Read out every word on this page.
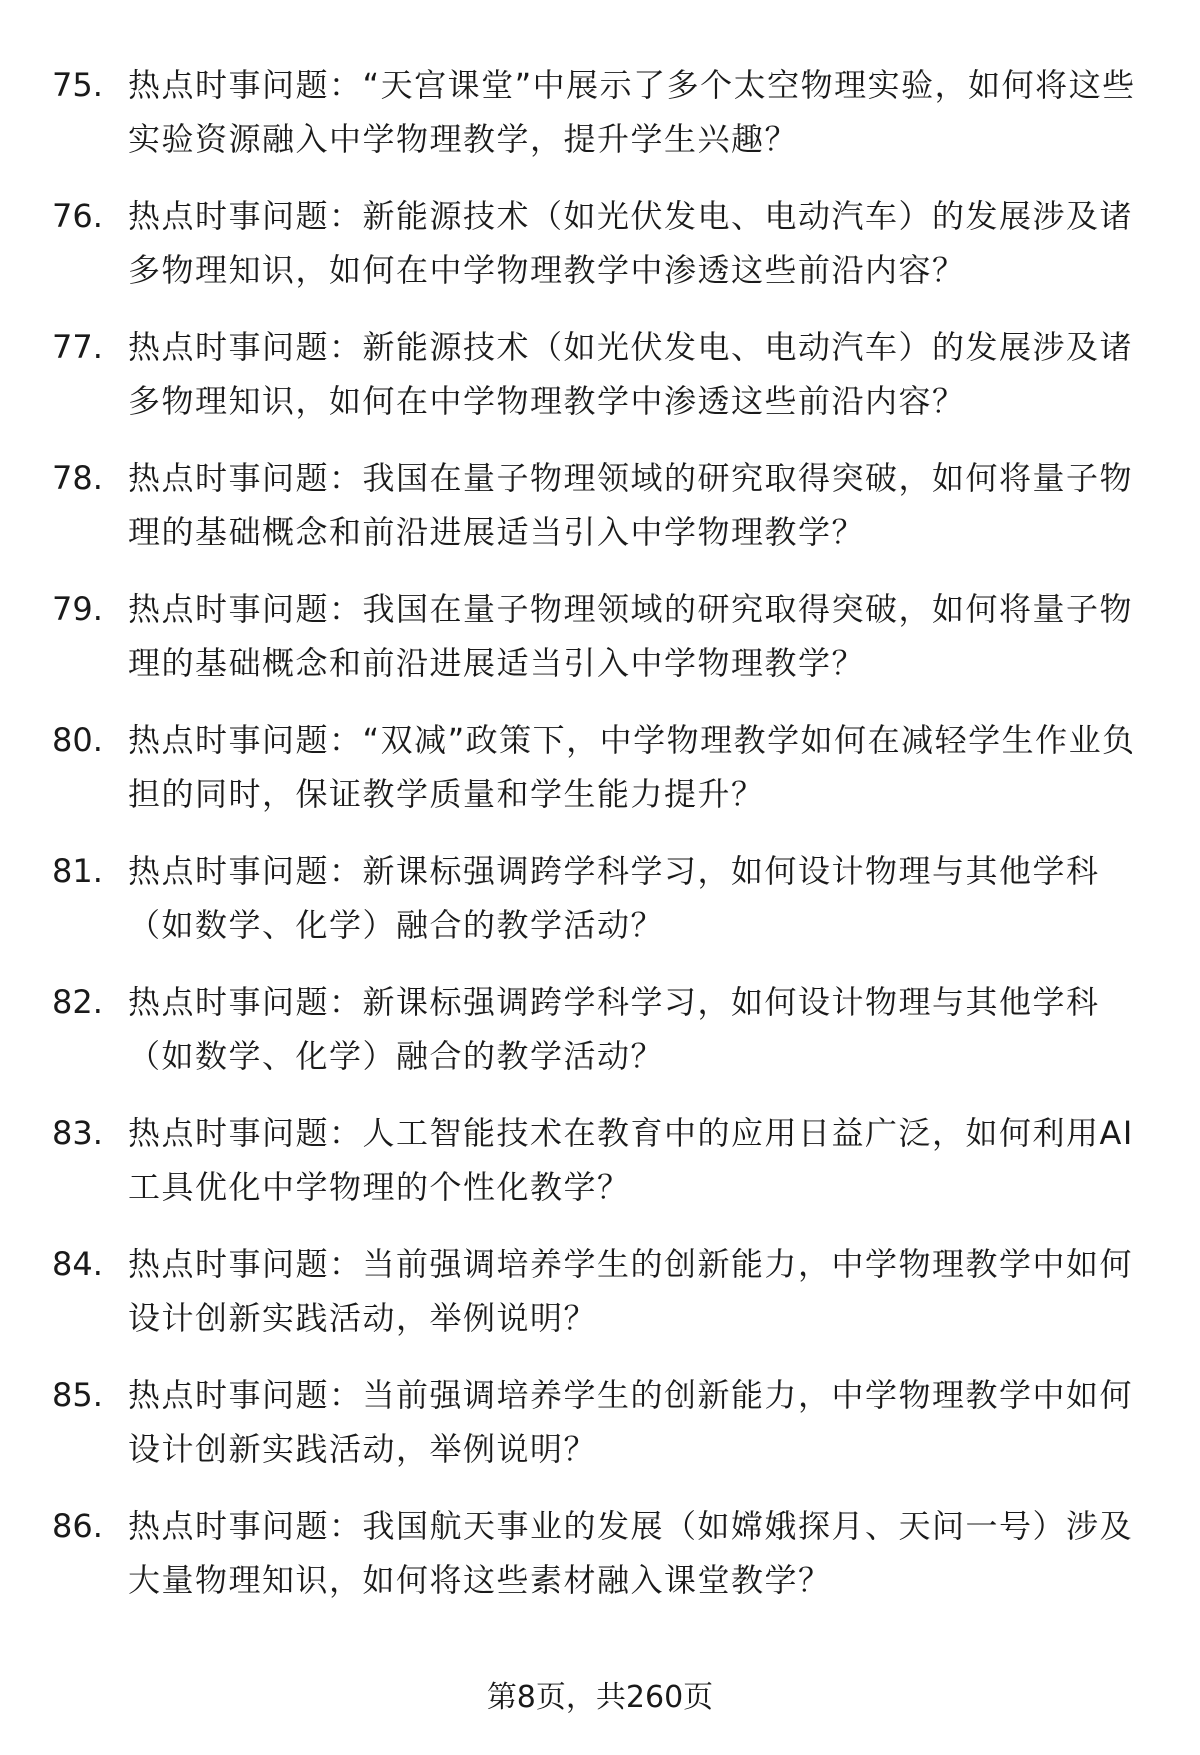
75. 热点时事问题：“天宫课堂”中展示了多个太空物理实验，如何将这些实验资源融入中学物理教学，提升学生兴趣？
76. 热点时事问题：新能源技术（如光伏发电、电动汽车）的发展涉及诸多物理知识，如何在中学物理教学中渗透这些前沿内容？
77. 热点时事问题：新能源技术（如光伏发电、电动汽车）的发展涉及诸多物理知识，如何在中学物理教学中渗透这些前沿内容？
78. 热点时事问题：我国在量子物理领域的研究取得突破，如何将量子物理的基础概念和前沿进展适当引入中学物理教学？
79. 热点时事问题：我国在量子物理领域的研究取得突破，如何将量子物理的基础概念和前沿进展适当引入中学物理教学？
80. 热点时事问题：“双减”政策下，中学物理教学如何在减轻学生作业负担的同时，保证教学质量和学生能力提升？
81. 热点时事问题：新课标强调跨学科学习，如何设计物理与其他学科（如数学、化学）融合的教学活动？
82. 热点时事问题：新课标强调跨学科学习，如何设计物理与其他学科（如数学、化学）融合的教学活动？
83. 热点时事问题：人工智能技术在教育中的应用日益广泛，如何利用AI工具优化中学物理的个性化教学？
84. 热点时事问题：当前强调培养学生的创新能力，中学物理教学中如何设计创新实践活动，举例说明？
85. 热点时事问题：当前强调培养学生的创新能力，中学物理教学中如何设计创新实践活动，举例说明？
86. 热点时事问题：我国航天事业的发展（如嫦娥探月、天问一号）涉及大量物理知识，如何将这些素材融入课堂教学？
第8页，共260页
